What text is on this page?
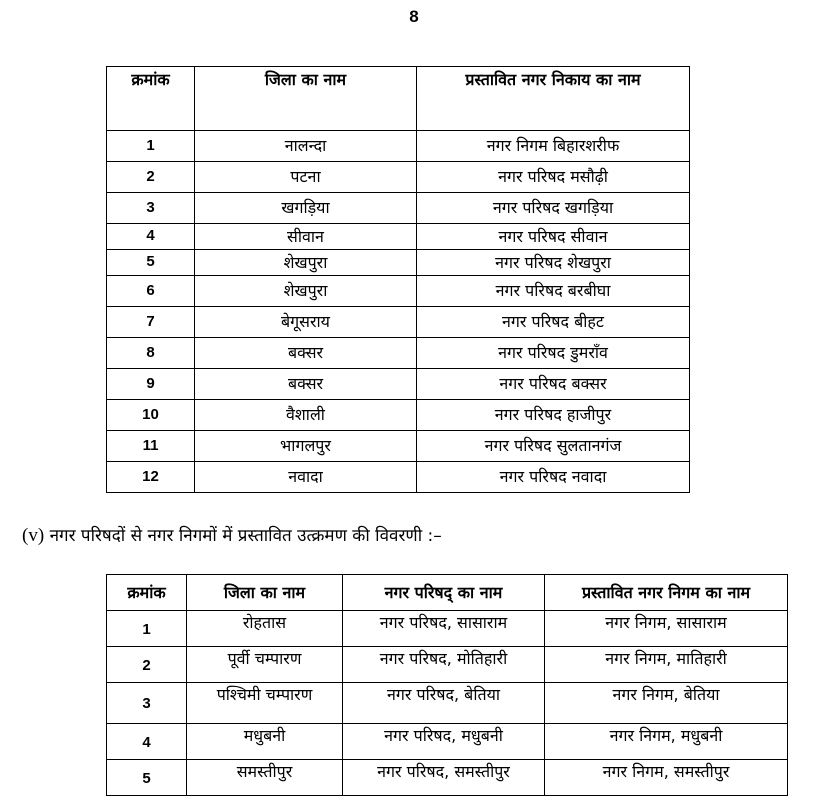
8
क्रमांक	जिला का नाम	प्रस्तावित नगर निकाय का नाम
1	नालन्दा	नगर निगम बिहारशरीफ
2	पटना	नगर परिषद मसौढ़ी
3	खगड़िया	नगर परिषद खगड़िया
4	सीवान	नगर परिषद सीवान
5	शेखपुरा	नगर परिषद शेखपुरा
6	शेखपुरा	नगर परिषद बरबीघा
7	बेगूसराय	नगर परिषद बीहट
8	बक्सर	नगर परिषद डुमराँव
9	बक्सर	नगर परिषद बक्सर
10	वैशाली	नगर परिषद हाजीपुर
11	भागलपुर	नगर परिषद सुलतानगंज
12	नवादा	नगर परिषद नवादा
(v) नगर परिषदों से नगर निगमों में प्रस्तावित उत्क्रमण की विवरणी :–
क्रमांक	जिला का नाम	नगर परिषद् का नाम	प्रस्तावित नगर निगम का नाम
1	रोहतास	नगर परिषद, सासाराम	नगर निगम, सासाराम
2	पूर्वी चम्पारण	नगर परिषद, मोतिहारी	नगर निगम, मातिहारी
3	पश्चिमी चम्पारण	नगर परिषद, बेतिया	नगर निगम, बेतिया
4	मधुबनी	नगर परिषद, मधुबनी	नगर निगम, मधुबनी
5	समस्तीपुर	नगर परिषद, समस्तीपुर	नगर निगम, समस्तीपुर
